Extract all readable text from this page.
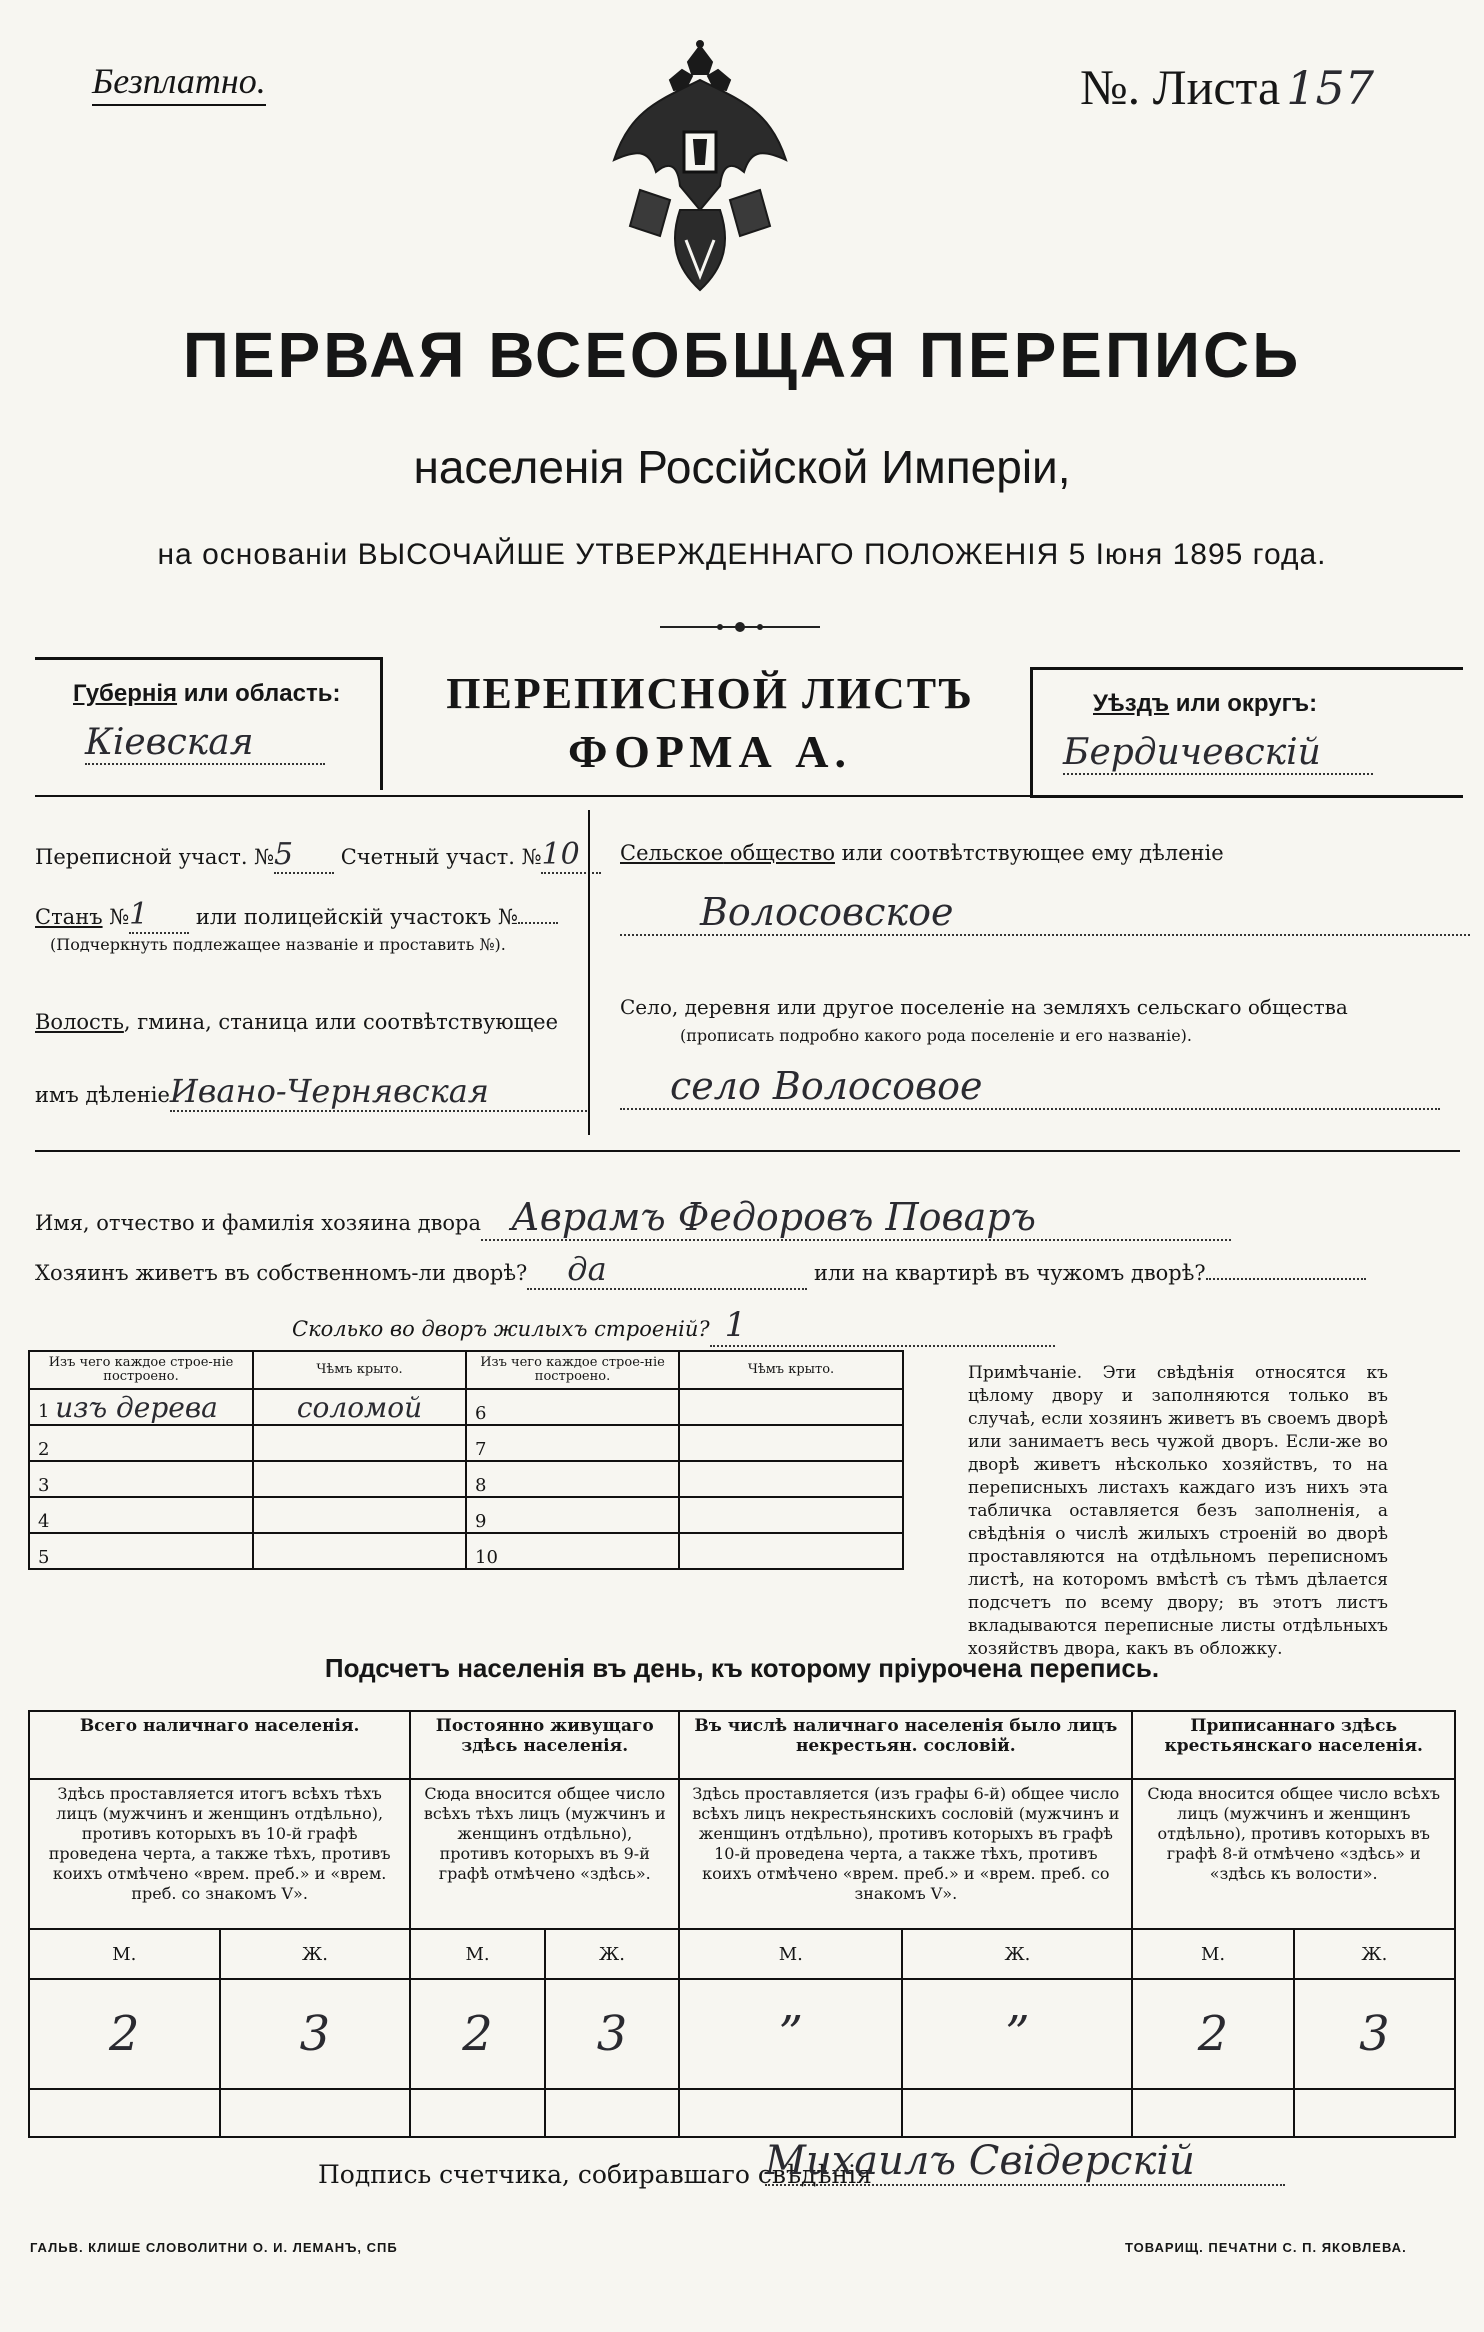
Безплатно.	№. Листа 157
ПЕРВАЯ ВСЕОБЩАЯ ПЕРЕПИСЬ
населенія Россійской Имперіи,
на основаніи ВЫСОЧАЙШЕ УТВЕРЖДЕННАГО ПОЛОЖЕНІЯ 5 Іюня 1895 года.
Губернія или область:
Кіевская
ПЕРЕПИСНОЙ ЛИСТЪ
ФОРМА А.
Уѣздъ или округъ:
Бердичевскій
Переписной участ. №5 Счетный участ. №10
Станъ №1 или полицейскій участокъ №
(Подчеркнуть подлежащее названіе и проставить №).
Волость, гмина, станица или соотвѣтствующее
имъ дѣленіеИвано-Чернявская
Сельское общество или соотвѣтствующее ему дѣленіе
Волосовское
Село, деревня или другое поселеніе на земляхъ сельскаго общества
(прописать подробно какого рода поселеніе и его названіе).
село Волосовое
Имя, отчество и фамилія хозяина двора Аврамъ Федоровъ Поваръ
Хозяинъ живетъ въ собственномъ-ли дворѣ? да	или на квартирѣ въ чужомъ дворѣ?
Сколько во дворъ жилыхъ строеній? 1
Изъ чего каждое строе-ніе построено.	Чѣмъ крыто.	Изъ чего каждое строе-ніе построено.	Чѣмъ крыто.
1 изъ дерева	соломой	6	
2		7	
3		8	
4		9	
5		10	
Примѣчаніе. Эти свѣдѣнія относятся къ цѣлому двору и заполняются только въ случаѣ, если хозяинъ живетъ въ своемъ дворѣ или занимаетъ весь чужой дворъ. Если-же во дворѣ живетъ нѣсколько хозяйствъ, то на переписныхъ листахъ каждаго изъ нихъ эта табличка оставляется безъ заполненія, а свѣдѣнія о числѣ жилыхъ строеній во дворѣ проставляются на отдѣльномъ переписномъ листѣ, на которомъ вмѣстѣ съ тѣмъ дѣлается подсчетъ по всему двору; въ этотъ листъ вкладываются переписные листы отдѣльныхъ хозяйствъ двора, какъ въ обложку.
Подсчетъ населенія въ день, къ которому пріурочена перепись.
Всего наличнаго населенія.		Постоянно живущаго здѣсь населенія.		Въ числѣ наличнаго населенія было лицъ некрестьян. сословій.		Приписаннаго здѣсь крестьянскаго населенія.	
Здѣсь проставляется итогъ всѣхъ тѣхъ лицъ (мужчинъ и женщинъ отдѣльно), противъ которыхъ въ 10-й графѣ проведена черта, а также тѣхъ, противъ коихъ отмѣчено «врем. преб.» и «врем. преб. со знакомъ V».		Сюда вносится общее число всѣхъ тѣхъ лицъ (мужчинъ и женщинъ отдѣльно), противъ которыхъ въ 9-й графѣ отмѣчено «здѣсь».		Здѣсь проставляется (изъ графы 6-й) общее число всѣхъ лицъ некрестьянскихъ сословій (мужчинъ и женщинъ отдѣльно), противъ которыхъ въ графѣ 10-й проведена черта, а также тѣхъ, противъ коихъ отмѣчено «врем. преб.» и «врем. преб. со знакомъ V».		Сюда вносится общее число всѣхъ лицъ (мужчинъ и женщинъ отдѣльно), противъ которыхъ въ графѣ 8-й отмѣчено «здѣсь» и «здѣсь къ волости».	
М.	Ж.	М.	Ж.	М.	Ж.	М.	Ж.
2	3	2	3	”	”	2	3

Подпись счетчика, собиравшаго свѣдѣнія
Михаилъ Свідерскій
ГАЛЬВ. КЛИШЕ СЛОВОЛИТНИ О. И. ЛЕМАНЪ, СПБ	ТОВАРИЩ. ПЕЧАТНИ С. П. ЯКОВЛЕВА.
